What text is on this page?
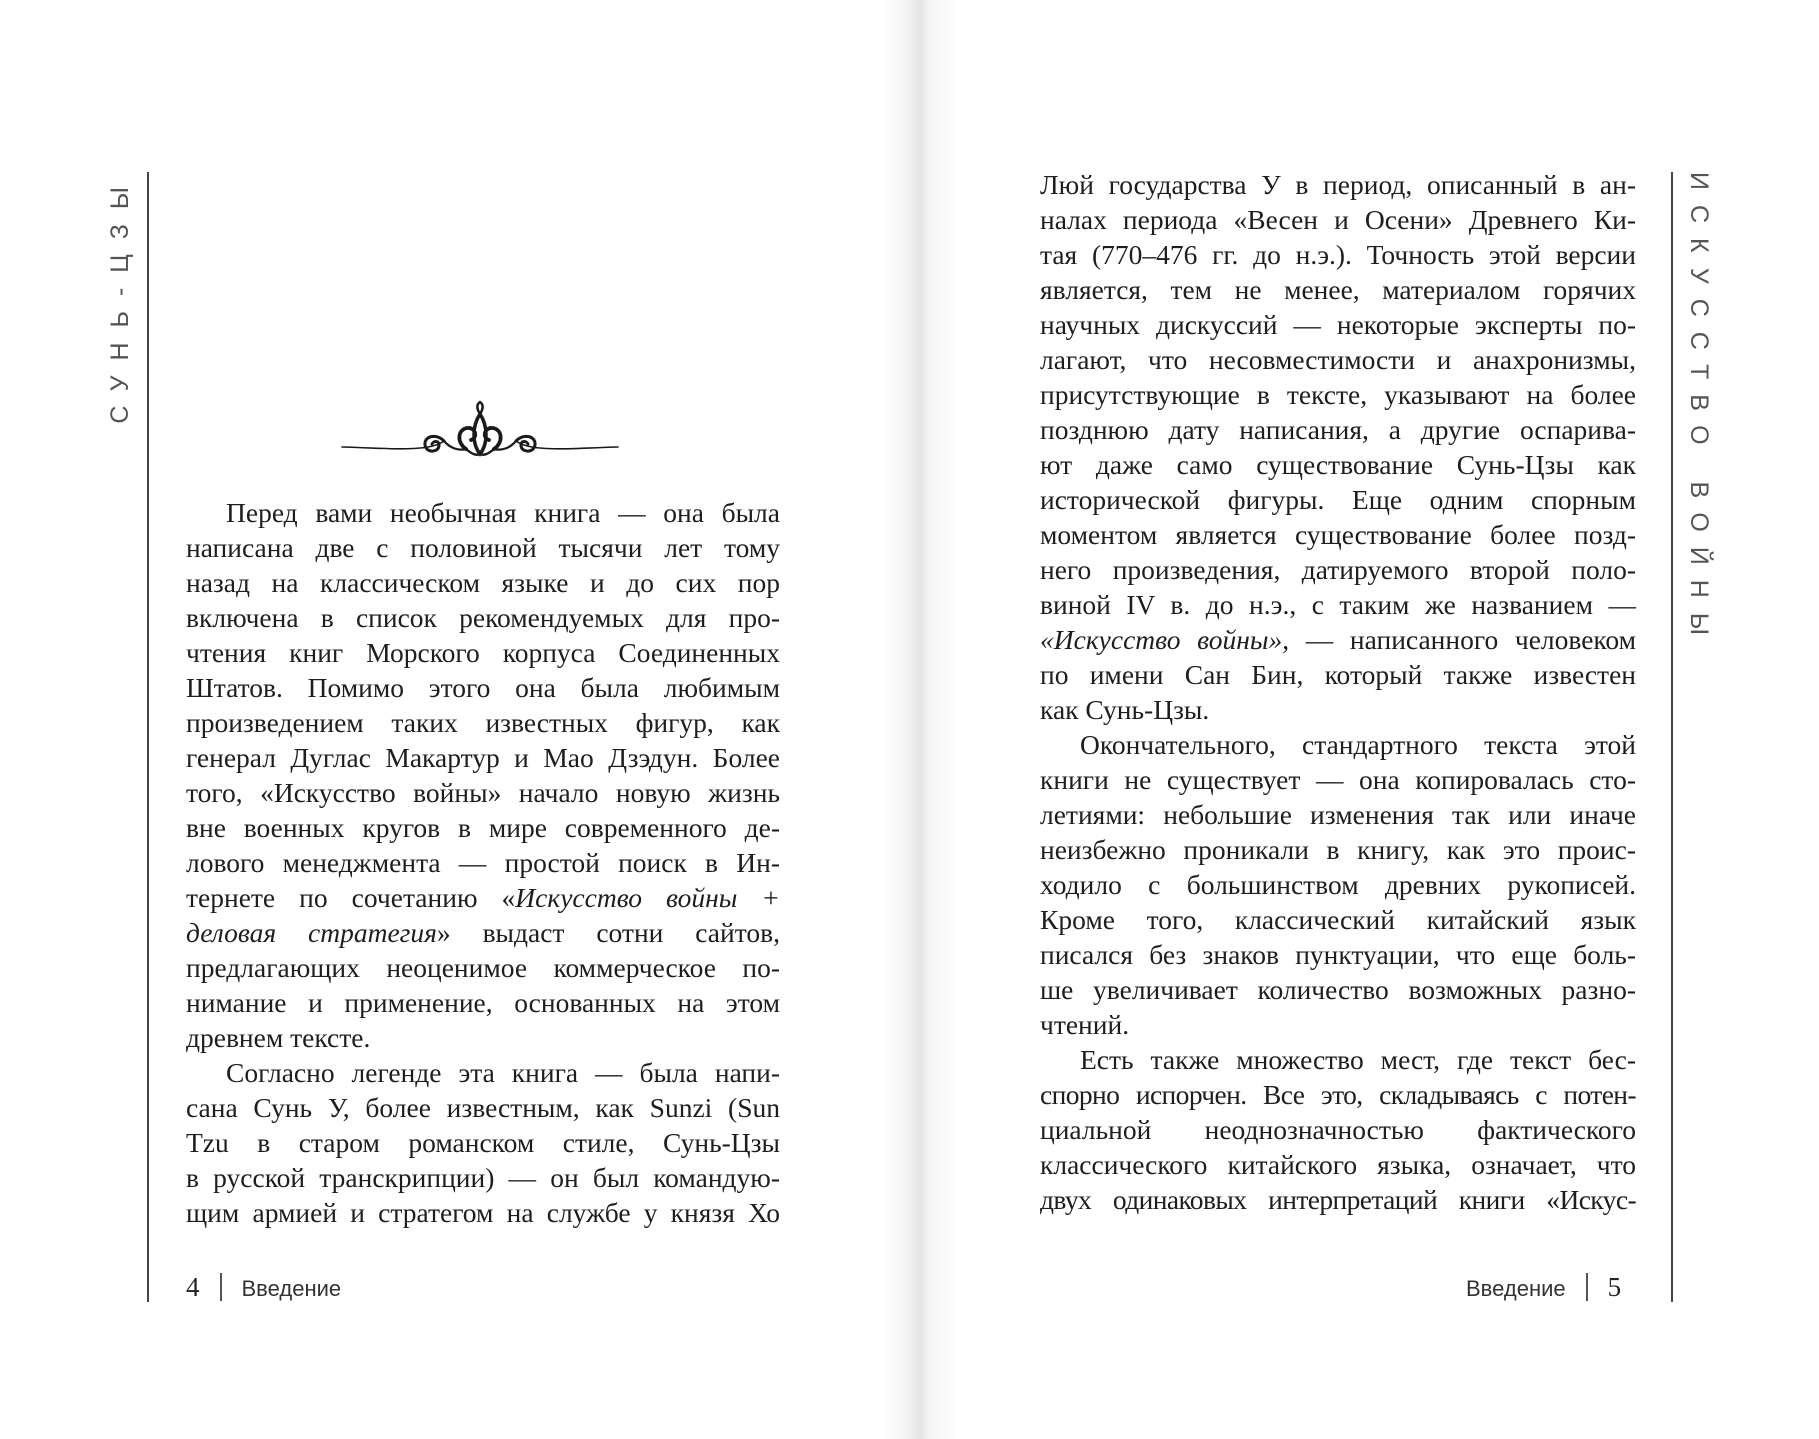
СУНЬ-ЦЗЫ
Перед вами необычная книга — она была
написана две с половиной тысячи лет тому
назад на классическом языке и до сих пор
включена в список рекомендуемых для про-
чтения книг Морского корпуса Соединенных
Штатов. Помимо этого она была любимым
произведением таких известных фигур, как
генерал Дуглас Макартур и Мао Дзэдун. Более
того, «Искусство войны» начало новую жизнь
вне военных кругов в мире современного де-
лового менеджмента — простой поиск в Ин-
тернете по сочетанию «Искусство войны +
деловая стратегия» выдаст сотни сайтов,
предлагающих неоценимое коммерческое по-
нимание и применение, основанных на этом
древнем тексте.
Согласно легенде эта книга — была напи-
сана Сунь У, более известным, как Sunzi (Sun
Tzu в старом романском стиле, Сунь-Цзы
в русской транскрипции) — он был командую-
щим армией и стратегом на службе у князя Хо
4 Введение
ИСКУССТВО ВОЙНЫ
Люй государства У в период, описанный в ан-
налах периода «Весен и Осени» Древнего Ки-
тая (770–476 гг. до н.э.). Точность этой версии
является, тем не менее, материалом горячих
научных дискуссий — некоторые эксперты по-
лагают, что несовместимости и анахронизмы,
присутствующие в тексте, указывают на более
позднюю дату написания, а другие оспарива-
ют даже само существование Сунь-Цзы как
исторической фигуры. Еще одним спорным
моментом является существование более позд-
него произведения, датируемого второй поло-
виной IV в. до н.э., с таким же названием —
«Искусство войны», — написанного человеком
по имени Сан Бин, который также известен
как Сунь-Цзы.
Окончательного, стандартного текста этой
книги не существует — она копировалась сто-
летиями: небольшие изменения так или иначе
неизбежно проникали в книгу, как это проис-
ходило с большинством древних рукописей.
Кроме того, классический китайский язык
писался без знаков пунктуации, что еще боль-
ше увеличивает количество возможных разно-
чтений.
Есть также множество мест, где текст бес-
спорно испорчен. Все это, складываясь с потен-
циальной неоднозначностью фактического
классического китайского языка, означает, что
двух одинаковых интерпретаций книги «Искус-
Введение 5
